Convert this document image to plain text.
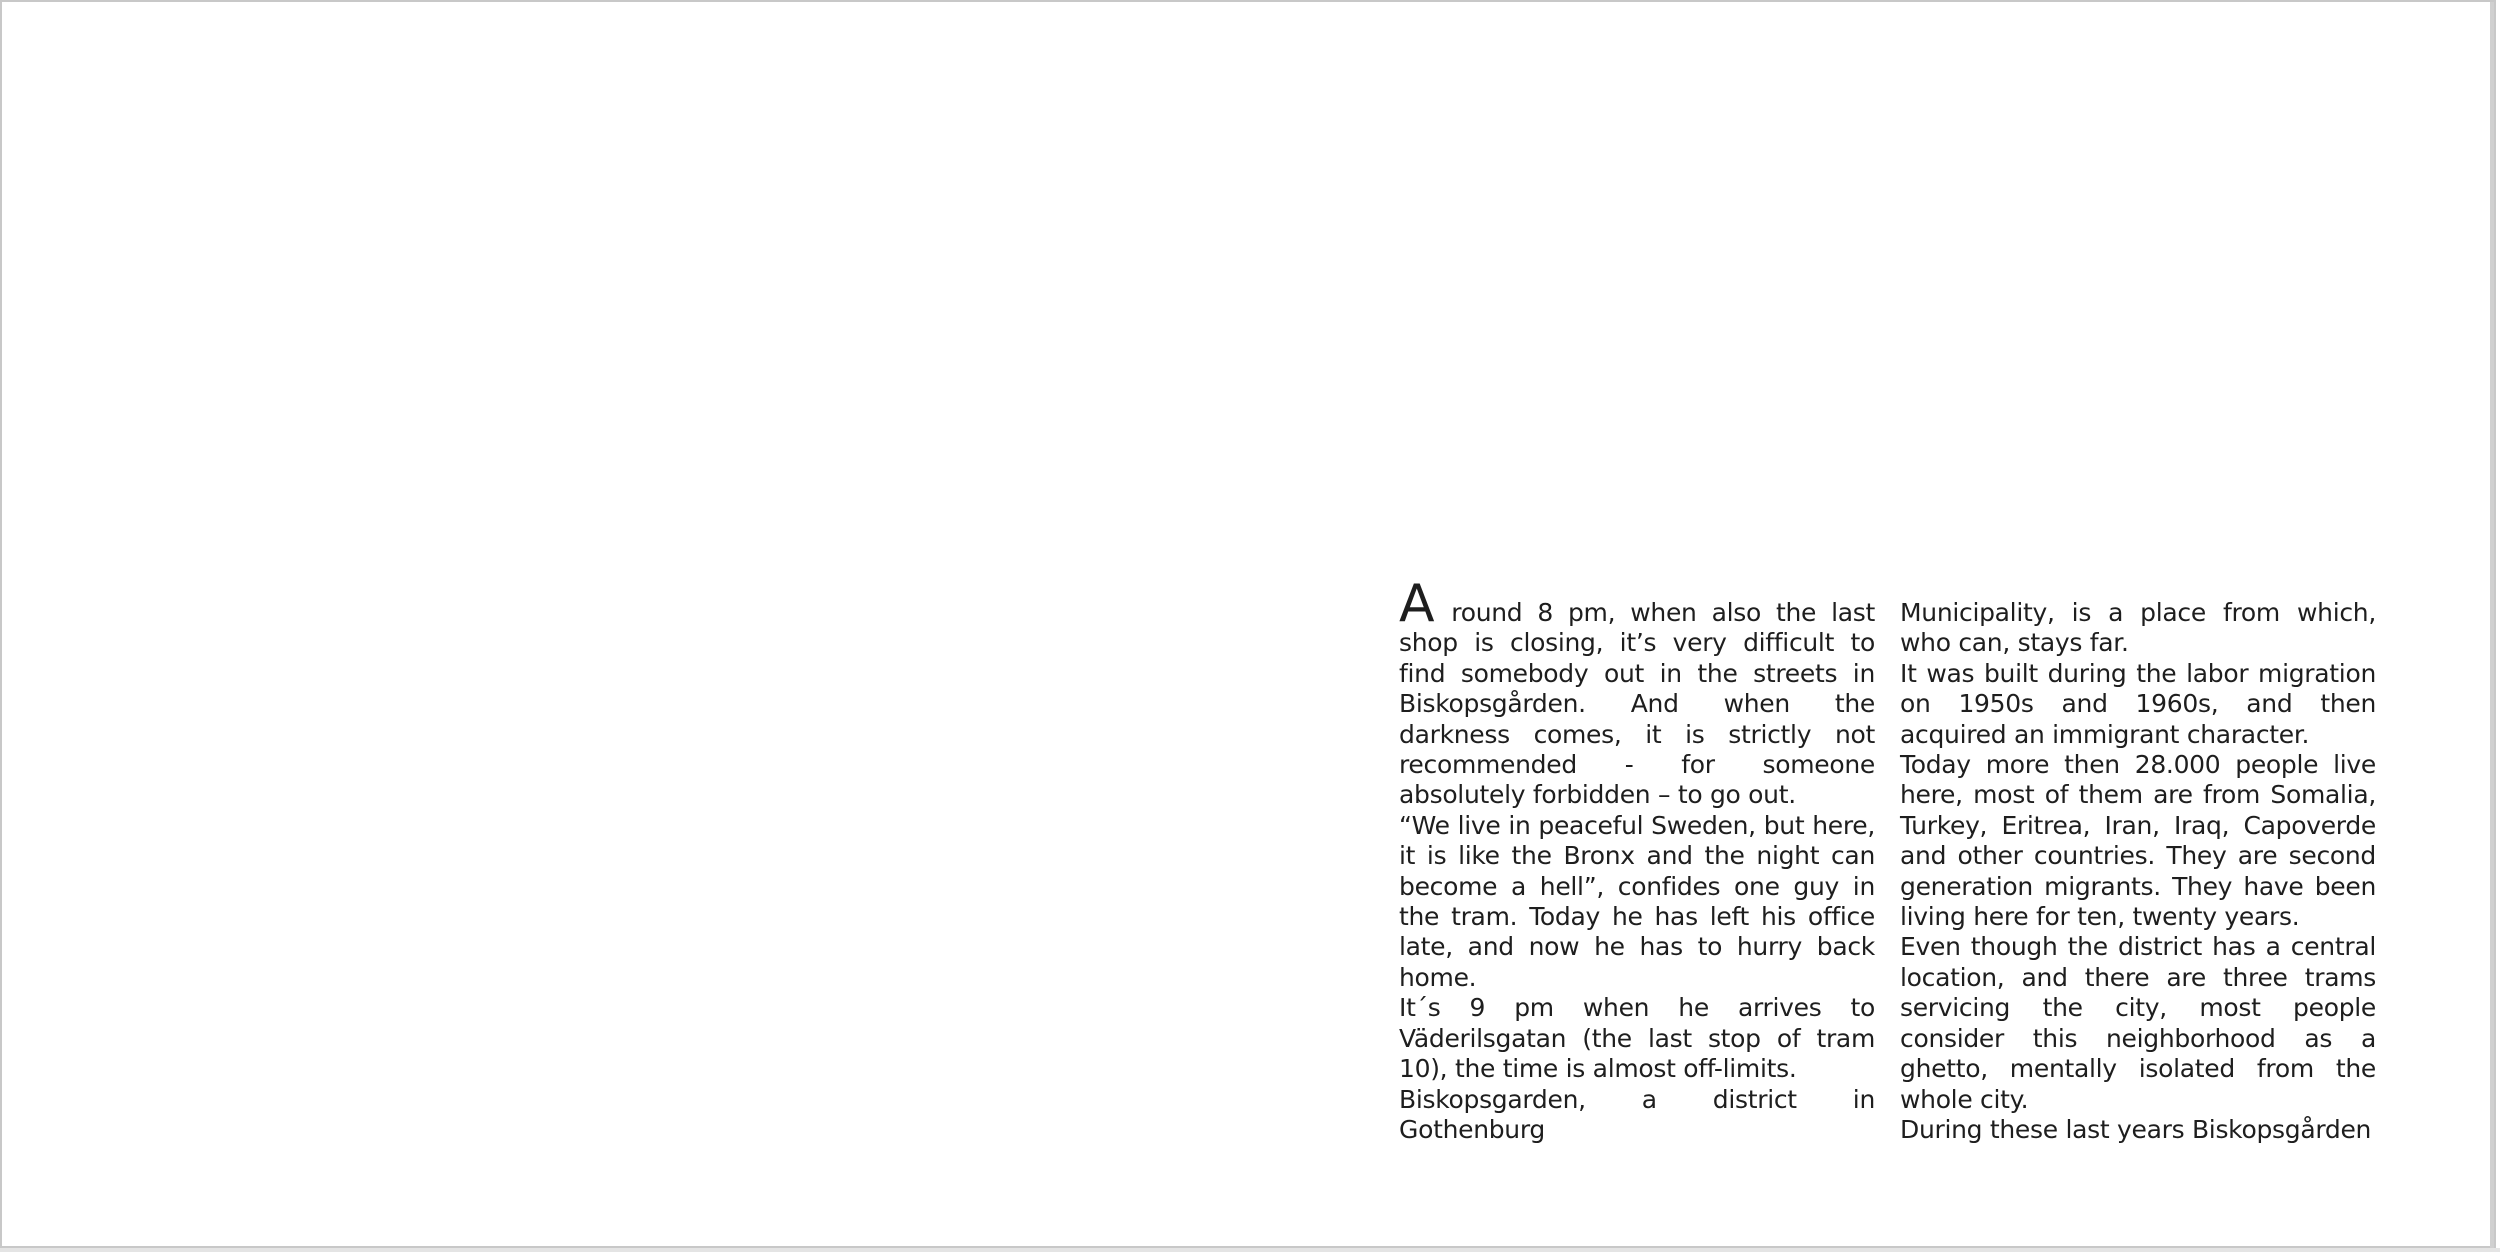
A round 8 pm, when also the last shop is closing, it’s very difficult to find somebody out in the streets in Biskopsgården. And when the darkness comes, it is strictly not recommended - for someone absolutely forbidden – to go out.

“We live in peaceful Sweden, but here, it is like the Bronx and the night can become a hell”, confides one guy in the tram. Today he has left his office late, and now he has to hurry back home.

It´s 9 pm when he arrives to Väderilsgatan (the last stop of tram 10), the time is almost off-limits.

Biskopsgarden, a district in Gothenburg

Municipality, is a place from which, who can, stays far.

It was built during the labor migration on 1950s and 1960s, and then acquired an immigrant character.

Today more then 28.000 people live here, most of them are from Somalia, Turkey, Eritrea, Iran, Iraq, Capoverde and other countries. They are second generation migrants. They have been living here for ten, twenty years.

Even though the district has a central location, and there are three trams servicing the city, most people consider this neighborhood as a ghetto, mentally isolated from the whole city.

During these last years Biskopsgården
